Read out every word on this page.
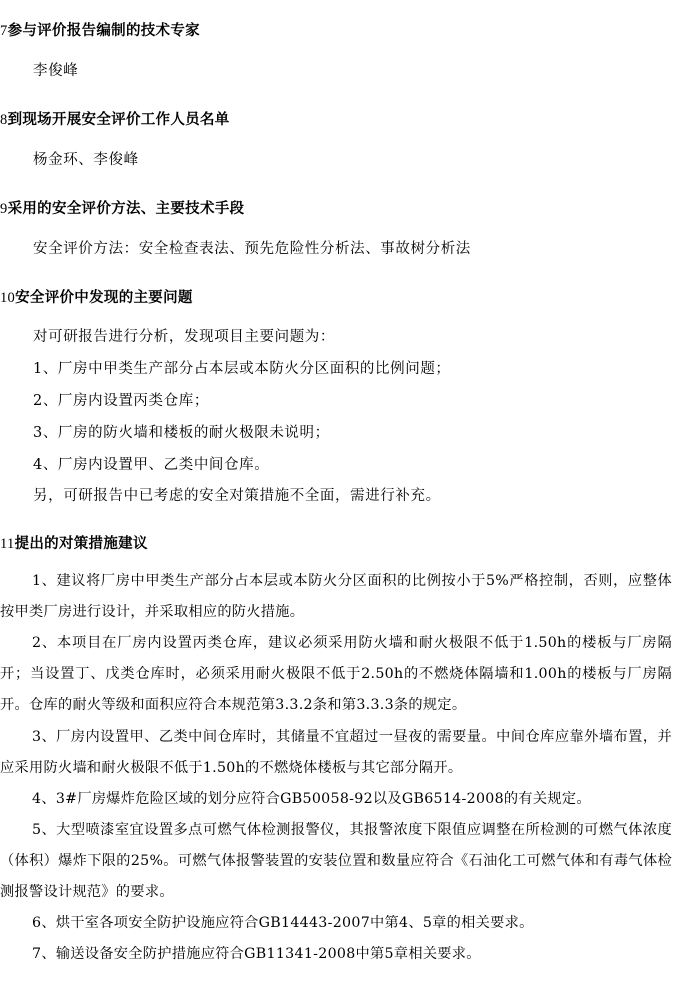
7参与评价报告编制的技术专家
李俊峰
8到现场开展安全评价工作人员名单
杨金环、李俊峰
9采用的安全评价方法、主要技术手段
安全评价方法：安全检查表法、预先危险性分析法、事故树分析法
10安全评价中发现的主要问题
对可研报告进行分析，发现项目主要问题为：
1、厂房中甲类生产部分占本层或本防火分区面积的比例问题；
2、厂房内设置丙类仓库；
3、厂房的防火墙和楼板的耐火极限未说明；
4、厂房内设置甲、乙类中间仓库。
另，可研报告中已考虑的安全对策措施不全面，需进行补充。
11提出的对策措施建议
1、建议将厂房中甲类生产部分占本层或本防火分区面积的比例按小于5%严格控制，否则，应整体按甲类厂房进行设计，并采取相应的防火措施。
2、本项目在厂房内设置丙类仓库，建议必须采用防火墙和耐火极限不低于1.50h的楼板与厂房隔开；当设置丁、戊类仓库时，必须采用耐火极限不低于2.50h的不燃烧体隔墙和1.00h的楼板与厂房隔开。仓库的耐火等级和面积应符合本规范第3.3.2条和第3.3.3条的规定。
3、厂房内设置甲、乙类中间仓库时，其储量不宜超过一昼夜的需要量。中间仓库应靠外墙布置，并应采用防火墙和耐火极限不低于1.50h的不燃烧体楼板与其它部分隔开。
4、3#厂房爆炸危险区域的划分应符合GB50058-92以及GB6514-2008的有关规定。
5、大型喷漆室宜设置多点可燃气体检测报警仪，其报警浓度下限值应调整在所检测的可燃气体浓度（体积）爆炸下限的25%。可燃气体报警装置的安装位置和数量应符合《石油化工可燃气体和有毒气体检测报警设计规范》的要求。
6、烘干室各项安全防护设施应符合GB14443-2007中第4、5章的相关要求。
7、输送设备安全防护措施应符合GB11341-2008中第5章相关要求。
